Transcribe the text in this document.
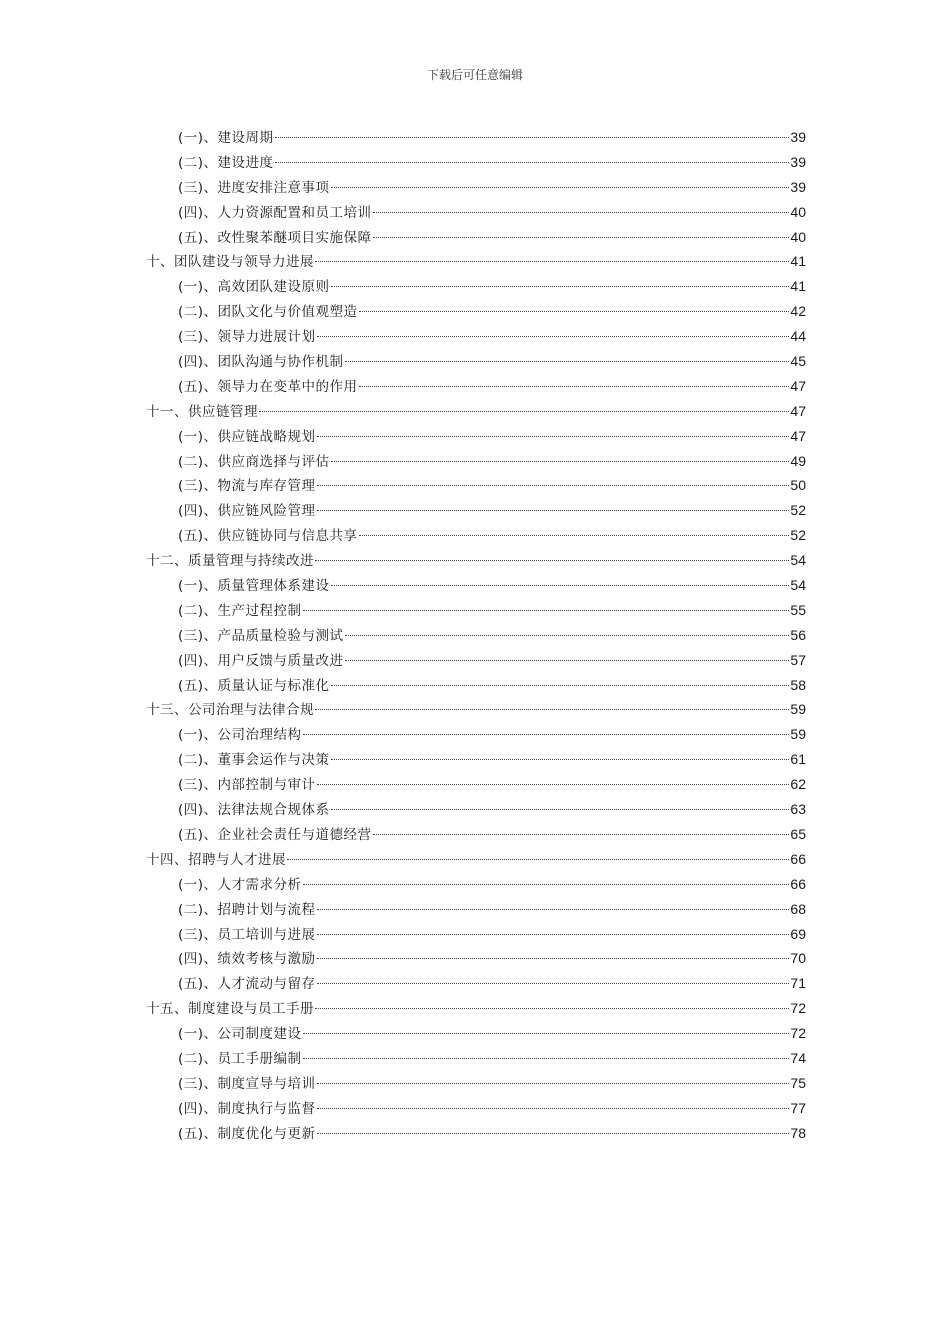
下载后可任意编辑
(一)、建设周期	39
(二)、建设进度	39
(三)、进度安排注意事项	39
(四)、人力资源配置和员工培训	40
(五)、改性聚苯醚项目实施保障	40
十、团队建设与领导力进展	41
(一)、高效团队建设原则	41
(二)、团队文化与价值观塑造	42
(三)、领导力进展计划	44
(四)、团队沟通与协作机制	45
(五)、领导力在变革中的作用	47
十一、供应链管理	47
(一)、供应链战略规划	47
(二)、供应商选择与评估	49
(三)、物流与库存管理	50
(四)、供应链风险管理	52
(五)、供应链协同与信息共享	52
十二、质量管理与持续改进	54
(一)、质量管理体系建设	54
(二)、生产过程控制	55
(三)、产品质量检验与测试	56
(四)、用户反馈与质量改进	57
(五)、质量认证与标准化	58
十三、公司治理与法律合规	59
(一)、公司治理结构	59
(二)、董事会运作与决策	61
(三)、内部控制与审计	62
(四)、法律法规合规体系	63
(五)、企业社会责任与道德经营	65
十四、招聘与人才进展	66
(一)、人才需求分析	66
(二)、招聘计划与流程	68
(三)、员工培训与进展	69
(四)、绩效考核与激励	70
(五)、人才流动与留存	71
十五、制度建设与员工手册	72
(一)、公司制度建设	72
(二)、员工手册编制	74
(三)、制度宣导与培训	75
(四)、制度执行与监督	77
(五)、制度优化与更新	78
